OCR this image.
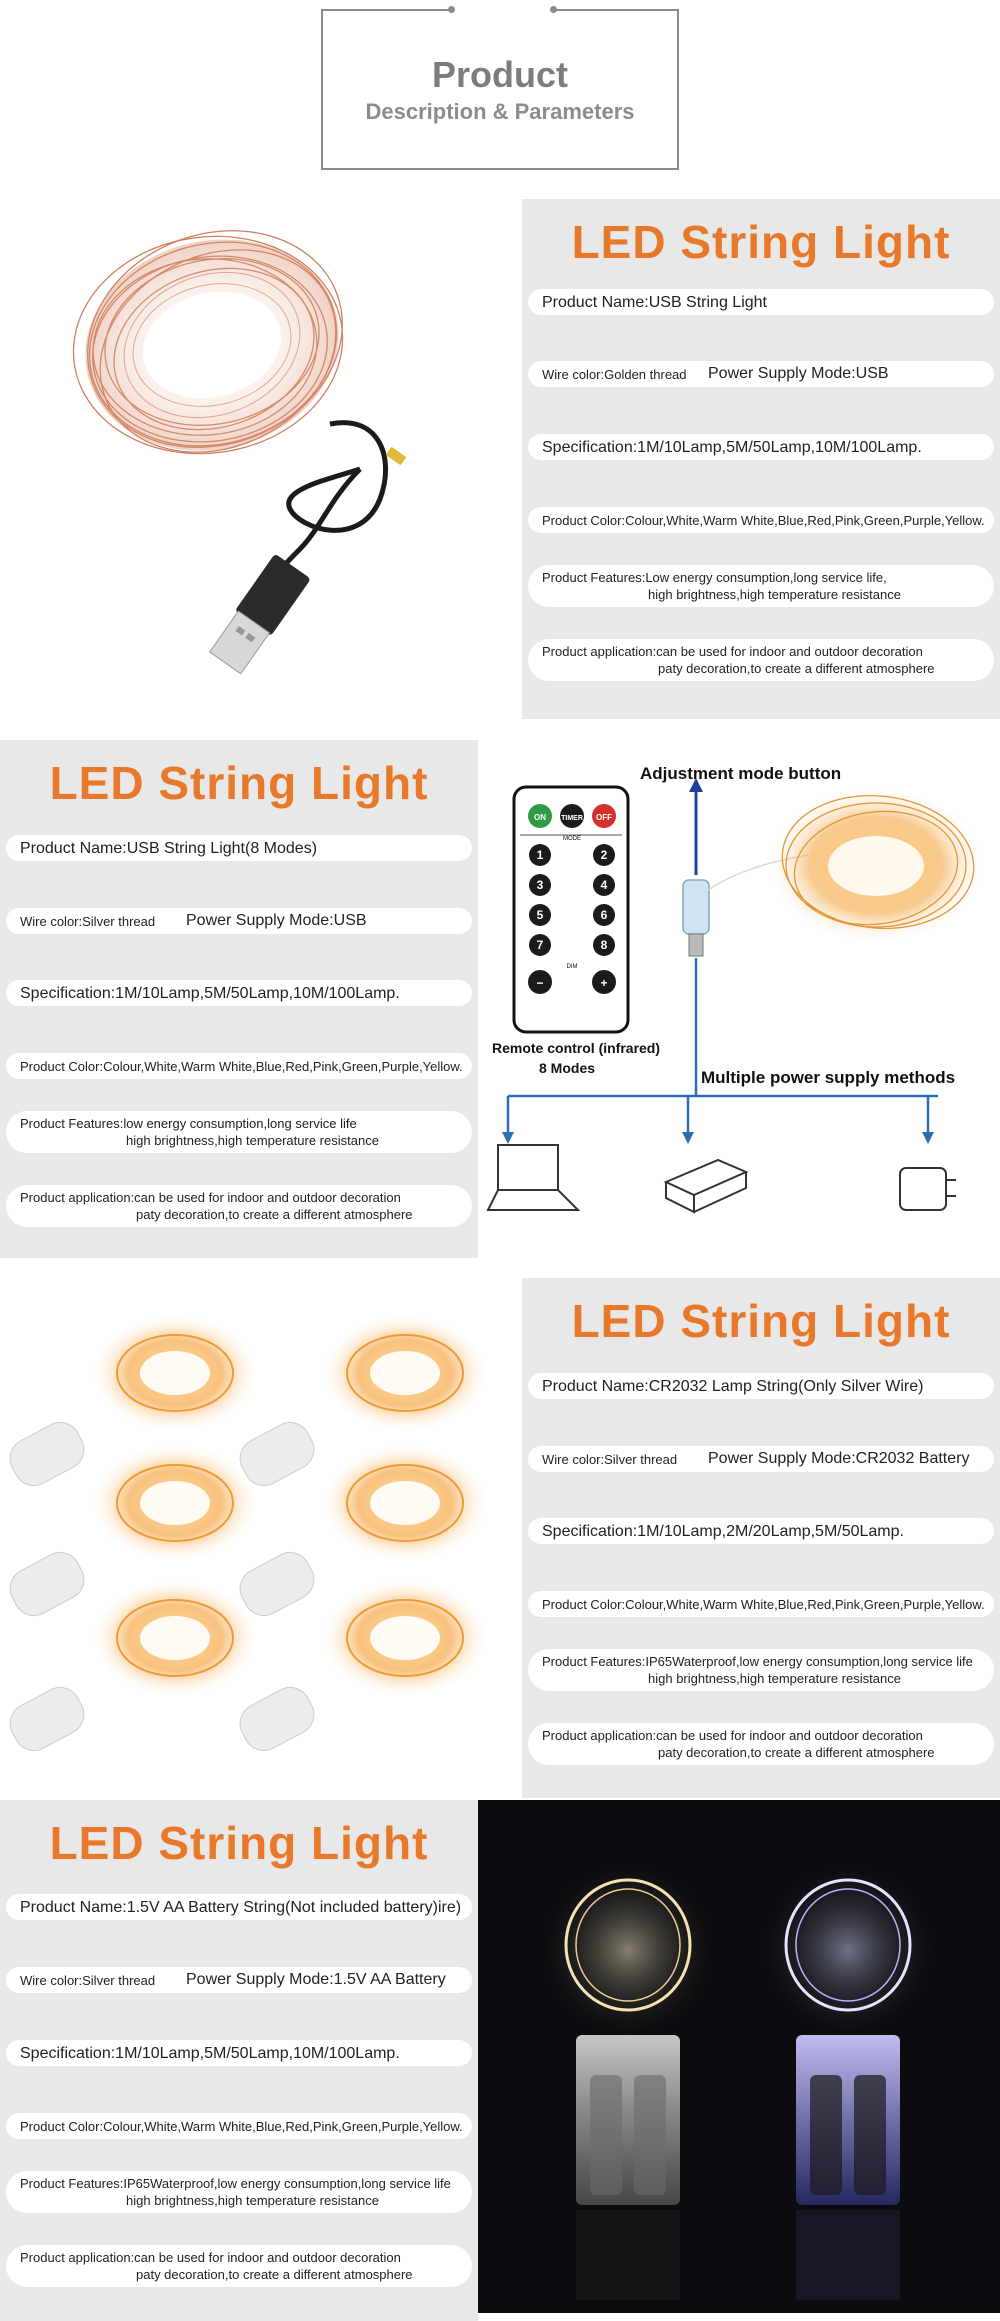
Product
Description & Parameters
LED String Light
Product Name:USB String Light
Wire color:Golden thread Power Supply Mode:USB
Specification:1M/10Lamp,5M/50Lamp,10M/100Lamp.
Product Color:Colour,White,Warm White,Blue,Red,Pink,Green,Purple,Yellow.
Product Features:Low energy consumption,long service life,
high brightness,high temperature resistance
Product application:can be used for indoor and outdoor decoration
paty decoration,to create a different atmosphere
LED String Light
Product Name:USB String Light(8 Modes)
Wire color:Silver thread Power Supply Mode:USB
Specification:1M/10Lamp,5M/50Lamp,10M/100Lamp.
Product Color:Colour,White,Warm White,Blue,Red,Pink,Green,Purple,Yellow.
Product Features:low energy consumption,long service life
high brightness,high temperature resistance
Product application:can be used for indoor and outdoor decoration
paty decoration,to create a different atmosphere
ON TIMER OFF
1	2
3	4
5	6
7	8
−	+
MODE
DIM
Adjustment mode button
Remote control (infrared)
8 Modes	Multiple power supply methods
LED String Light
Product Name:CR2032 Lamp String(Only Silver Wire)
Wire color:Silver thread Power Supply Mode:CR2032 Battery
Specification:1M/10Lamp,2M/20Lamp,5M/50Lamp.
Product Color:Colour,White,Warm White,Blue,Red,Pink,Green,Purple,Yellow.
Product Features:IP65Waterproof,low energy consumption,long service life
high brightness,high temperature resistance
Product application:can be used for indoor and outdoor decoration
paty decoration,to create a different atmosphere
LED String Light
Product Name:1.5V AA Battery String(Not included battery)ire)
Wire color:Silver thread Power Supply Mode:1.5V AA Battery
Specification:1M/10Lamp,5M/50Lamp,10M/100Lamp.
Product Color:Colour,White,Warm White,Blue,Red,Pink,Green,Purple,Yellow.
Product Features:IP65Waterproof,low energy consumption,long service life
high brightness,high temperature resistance
Product application:can be used for indoor and outdoor decoration
paty decoration,to create a different atmosphere
